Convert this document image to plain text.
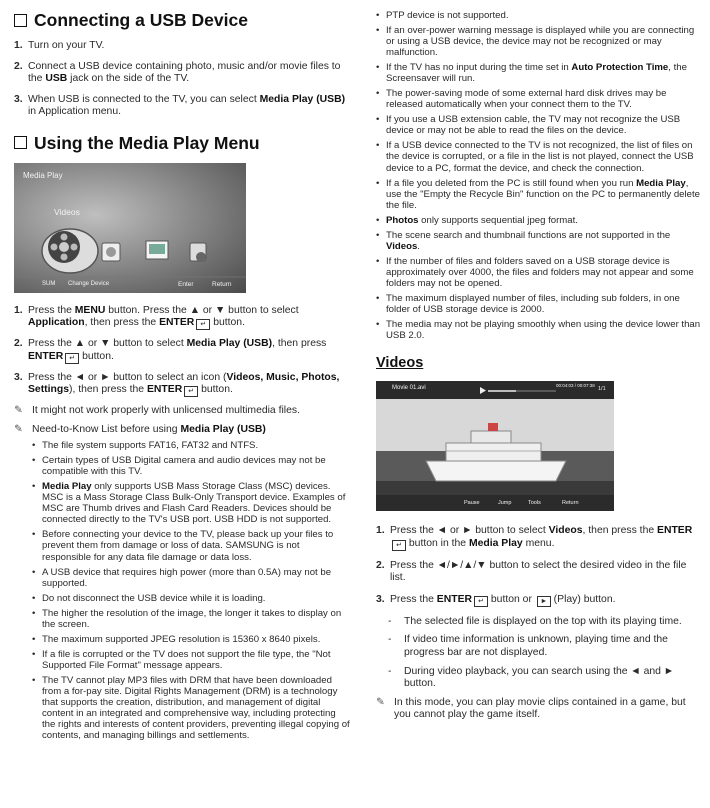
Connecting a USB Device
1. Turn on your TV.
2. Connect a USB device containing photo, music and/or movie files to the USB jack on the side of the TV.
3. When USB is connected to the TV, you can select Media Play (USB) in Application menu.
Using the Media Play Menu
Media Play
Videos
SUM Change Device	Enter	Return
1. Press the MENU button. Press the ▲ or ▼ button to select Application, then press the ENTER ↵ button.
2. Press the ▲ or ▼ button to select Media Play (USB), then press ENTER ↵ button.
3. Press the ◄ or ► button to select an icon (Videos, Music, Photos, Settings), then press the ENTER ↵ button.
✎ It might not work properly with unlicensed multimedia files.
✎ Need-to-Know List before using Media Play (USB)
• The file system supports FAT16, FAT32 and NTFS.
• Certain types of USB Digital camera and audio devices may not be compatible with this TV.
• Media Play only supports USB Mass Storage Class (MSC) devices. MSC is a Mass Storage Class Bulk-Only Transport device. Examples of MSC are Thumb drives and Flash Card Readers. Devices should be connected directly to the TV's USB port. USB HDD is not supported.
• Before connecting your device to the TV, please back up your files to prevent them from damage or loss of data. SAMSUNG is not responsible for any data file damage or data loss.
• A USB device that requires high power (more than 0.5A) may not be supported.
• Do not disconnect the USB device while it is loading.
• The higher the resolution of the image, the longer it takes to display on the screen.
• The maximum supported JPEG resolution is 15360 x 8640 pixels.
• If a file is corrupted or the TV does not support the file type, the "Not Supported File Format" message appears.
• The TV cannot play MP3 files with DRM that have been downloaded from a for-pay site. Digital Rights Management (DRM) is a technology that supports the creation, distribution, and management of digital content in an integrated and comprehensive way, including protecting the rights and interests of content providers, preventing illegal copying of contents, and managing billings and settlements.
• PTP device is not supported.
• If an over-power warning message is displayed while you are connecting or using a USB device, the device may not be recognized or may malfunction.
• If the TV has no input during the time set in Auto Protection Time, the Screensaver will run.
• The power-saving mode of some external hard disk drives may be released automatically when your connect them to the TV.
• If you use a USB extension cable, the TV may not recognize the USB device or may not be able to read the files on the device.
• If a USB device connected to the TV is not recognized, the list of files on the device is corrupted, or a file in the list is not played, connect the USB device to a PC, format the device, and check the connection.
• If a file you deleted from the PC is still found when you run Media Play, use the "Empty the Recycle Bin" function on the PC to permanently delete the file.
• Photos only supports sequential jpeg format.
• The scene search and thumbnail functions are not supported in the Videos.
• If the number of files and folders saved on a USB storage device is approximately over 4000, the files and folders may not appear and some folders may not be opened.
• The maximum displayed number of files, including sub folders, in one folder of USB storage device is 2000.
• The media may not be playing smoothly when using the device lower than USB 2.0.
Videos
Movie 01.avi	00:04:03 / 00:07:38
1/1
Pause	Jump	Tools	Return
1. Press the ◄ or ► button to select Videos, then press the ENTER↵ button in the Media Play menu.
2. Press the ◄/►/▲/▼ button to select the desired video in the file list.
3. Press the ENTER ↵ button or ► (Play) button.
- The selected file is displayed on the top with its playing time.
- If video time information is unknown, playing time and the progress bar are not displayed.
- During video playback, you can search using the ◄ and ► button.
✎ In this mode, you can play movie clips contained in a game, but you cannot play the game itself.
